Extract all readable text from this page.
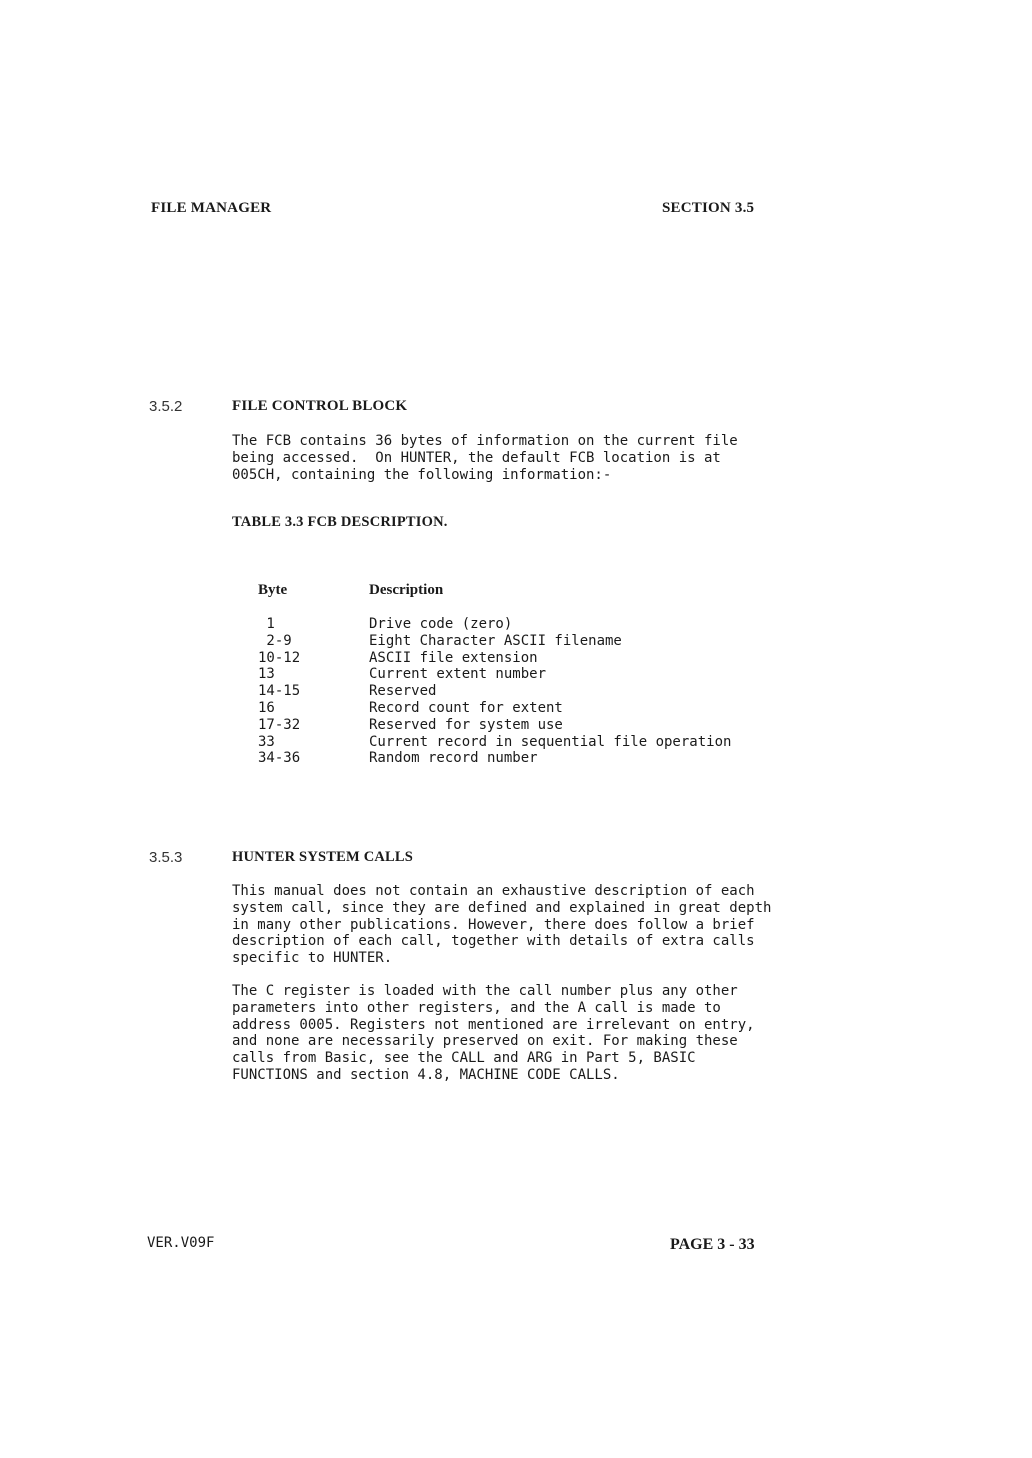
FILE MANAGER	SECTION 3.5
3.5.2	FILE CONTROL BLOCK
The FCB contains 36 bytes of information on the current file
being accessed.  On HUNTER, the default FCB location is at
005CH, containing the following information:-
TABLE 3.3 FCB DESCRIPTION.
Byte	Description
1	Drive code (zero)
2-9	Eight Character ASCII filename
10-12	ASCII file extension
13	Current extent number
14-15	Reserved
16	Record count for extent
17-32	Reserved for system use
33	Current record in sequential file operation
34-36	Random record number
3.5.3	HUNTER SYSTEM CALLS
This manual does not contain an exhaustive description of each
system call, since they are defined and explained in great depth
in many other publications. However, there does follow a brief
description of each call, together with details of extra calls
specific to HUNTER.
The C register is loaded with the call number plus any other
parameters into other registers, and the A call is made to
address 0005. Registers not mentioned are irrelevant on entry,
and none are necessarily preserved on exit. For making these
calls from Basic, see the CALL and ARG in Part 5, BASIC
FUNCTIONS and section 4.8, MACHINE CODE CALLS.
VER.V09F	PAGE 3 - 33
